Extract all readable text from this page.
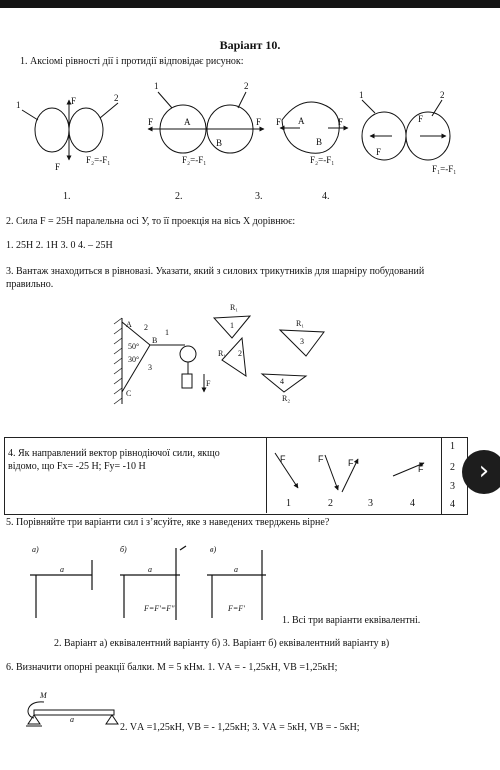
Варіант 10.
1. Аксіомі рівності дії і протидії відповідає рисунок:
1
2
F
F
F₂=-F₁
1	2
F	A
B
F
F₂=-F₁
F A
B
F
F₂=-F₁
1	2
F
F
F₁=-F₁
1.	2.	3.	4.
2. Сила F = 25Н паралельна осі У, то її проекція на вісь Х дорівнює:
1. 25Н 2. 1Н 3. 0 4. – 25Н
3. Вантаж знаходиться в рівновазі. Указати, який з силових трикутників для шарніру побудований
правильно.
A 2
1
50°
30°
3
C
B
F
R₁
1
2
R₁
R₁
3
4
R₂
4. Як направлений вектор рівнодіючої сили, якщо
відомо, що Fх= -25 Н; Fу= -10 Н
1
2
3
4
F	F	F
F
1	2	3	4
›
5. Порівняйте три варіанти сил і з’ясуйте, яке з наведених тверджень вірне?
a)	б)	в)
a	a	a
F=F'=F"	F=F'
1. Всі три варіанти еквівалентні.
2. Варіант а) еквівалентний варіанту б) 3. Варіант б) еквівалентний варіанту в)
6. Визначити опорні реакції балки. М = 5 кНм. 1. VА = - 1,25кН, VВ =1,25кН;
M
a
2. VА =1,25кН, VВ = - 1,25кН; 3. VА = 5кН, VВ = - 5кН;
